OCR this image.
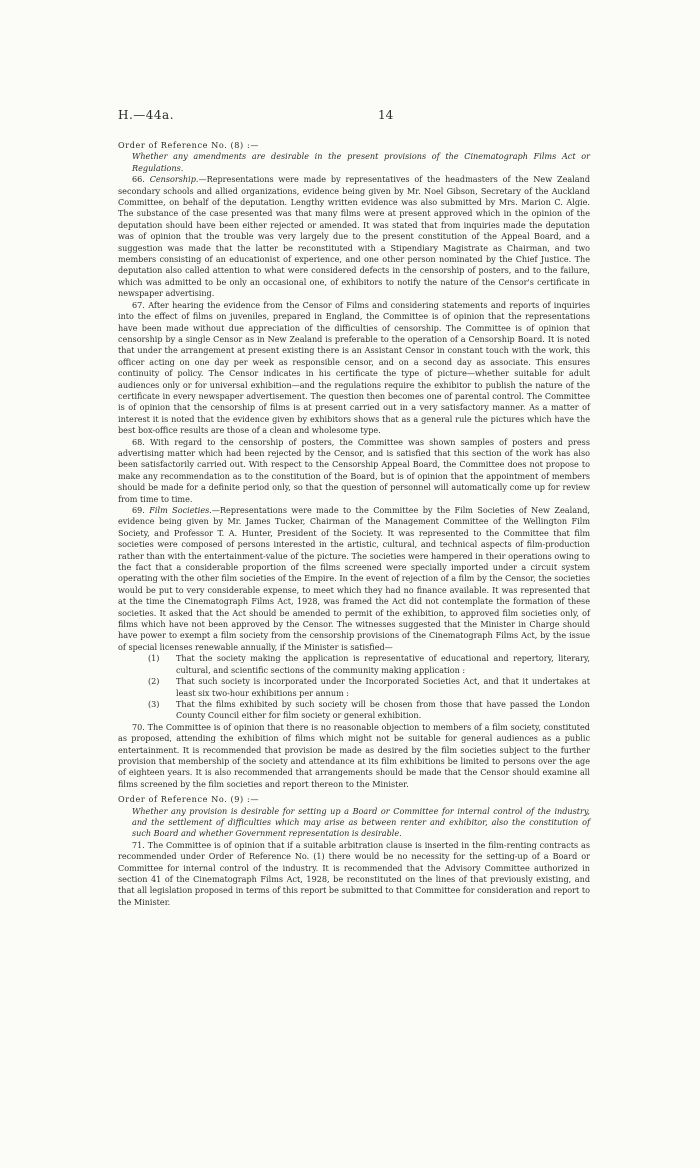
H.—44a.	14

Order of Reference No. (8) :—

Whether any amendments are desirable in the present provisions of the Cinematograph Films Act or Regulations.

66. Censorship.—Representations were made by representatives of the headmasters of the New Zealand secondary schools and allied organizations, evidence being given by Mr. Noel Gibson, Secretary of the Auckland Committee, on behalf of the deputation. Lengthy written evidence was also submitted by Mrs. Marion C. Algie. The substance of the case presented was that many films were at present approved which in the opinion of the deputation should have been either rejected or amended. It was stated that from inquiries made the deputation was of opinion that the trouble was very largely due to the present constitution of the Appeal Board, and a suggestion was made that the latter be reconstituted with a Stipendiary Magistrate as Chairman, and two members consisting of an educationist of experience, and one other person nominated by the Chief Justice. The deputation also called attention to what were considered defects in the censorship of posters, and to the failure, which was admitted to be only an occasional one, of exhibitors to notify the nature of the Censor's certificate in newspaper advertising.

67. After hearing the evidence from the Censor of Films and considering statements and reports of inquiries into the effect of films on juveniles, prepared in England, the Committee is of opinion that the representations have been made without due appreciation of the difficulties of censorship. The Committee is of opinion that censorship by a single Censor as in New Zealand is preferable to the operation of a Censorship Board. It is noted that under the arrangement at present existing there is an Assistant Censor in constant touch with the work, this officer acting on one day per week as responsible censor, and on a second day as associate. This ensures continuity of policy. The Censor indicates in his certificate the type of picture—whether suitable for adult audiences only or for universal exhibition—and the regulations require the exhibitor to publish the nature of the certificate in every newspaper advertisement. The question then becomes one of parental control. The Committee is of opinion that the censorship of films is at present carried out in a very satisfactory manner. As a matter of interest it is noted that the evidence given by exhibitors shows that as a general rule the pictures which have the best box-office results are those of a clean and wholesome type.

68. With regard to the censorship of posters, the Committee was shown samples of posters and press advertising matter which had been rejected by the Censor, and is satisfied that this section of the work has also been satisfactorily carried out. With respect to the Censorship Appeal Board, the Committee does not propose to make any recommendation as to the constitution of the Board, but is of opinion that the appointment of members should be made for a definite period only, so that the question of personnel will automatically come up for review from time to time.

69. Film Societies.—Representations were made to the Committee by the Film Societies of New Zealand, evidence being given by Mr. James Tucker, Chairman of the Management Committee of the Wellington Film Society, and Professor T. A. Hunter, President of the Society. It was represented to the Committee that film societies were composed of persons interested in the artistic, cultural, and technical aspects of film-production rather than with the entertainment-value of the picture. The societies were hampered in their operations owing to the fact that a considerable proportion of the films screened were specially imported under a circuit system operating with the other film societies of the Empire. In the event of rejection of a film by the Censor, the societies would be put to very considerable expense, to meet which they had no finance available. It was represented that at the time the Cinematograph Films Act, 1928, was framed the Act did not contemplate the formation of these societies. It asked that the Act should be amended to permit of the exhibition, to approved film societies only, of films which have not been approved by the Censor. The witnesses suggested that the Minister in Charge should have power to exempt a film society from the censorship provisions of the Cinematograph Films Act, by the issue of special licenses renewable annually, if the Minister is satisfied—

(1) That the society making the application is representative of educational and repertory, literary, cultural, and scientific sections of the community making application :
(2) That such society is incorporated under the Incorporated Societies Act, and that it undertakes at least six two-hour exhibitions per annum :
(3) That the films exhibited by such society will be chosen from those that have passed the London County Council either for film society or general exhibition.

70. The Committee is of opinion that there is no reasonable objection to members of a film society, constituted as proposed, attending the exhibition of films which might not be suitable for general audiences as a public entertainment. It is recommended that provision be made as desired by the film societies subject to the further provision that membership of the society and attendance at its film exhibitions be limited to persons over the age of eighteen years. It is also recommended that arrangements should be made that the Censor should examine all films screened by the film societies and report thereon to the Minister.

Order of Reference No. (9) :—

Whether any provision is desirable for setting up a Board or Committee for internal control of the industry, and the settlement of difficulties which may arise as between renter and exhibitor, also the constitution of such Board and whether Government representation is desirable.

71. The Committee is of opinion that if a suitable arbitration clause is inserted in the film-renting contracts as recommended under Order of Reference No. (1) there would be no necessity for the setting-up of a Board or Committee for internal control of the industry. It is recommended that the Advisory Committee authorized in section 41 of the Cinematograph Films Act, 1928, be reconstituted on the lines of that previously existing, and that all legislation proposed in terms of this report be submitted to that Committee for consideration and report to the Minister.
